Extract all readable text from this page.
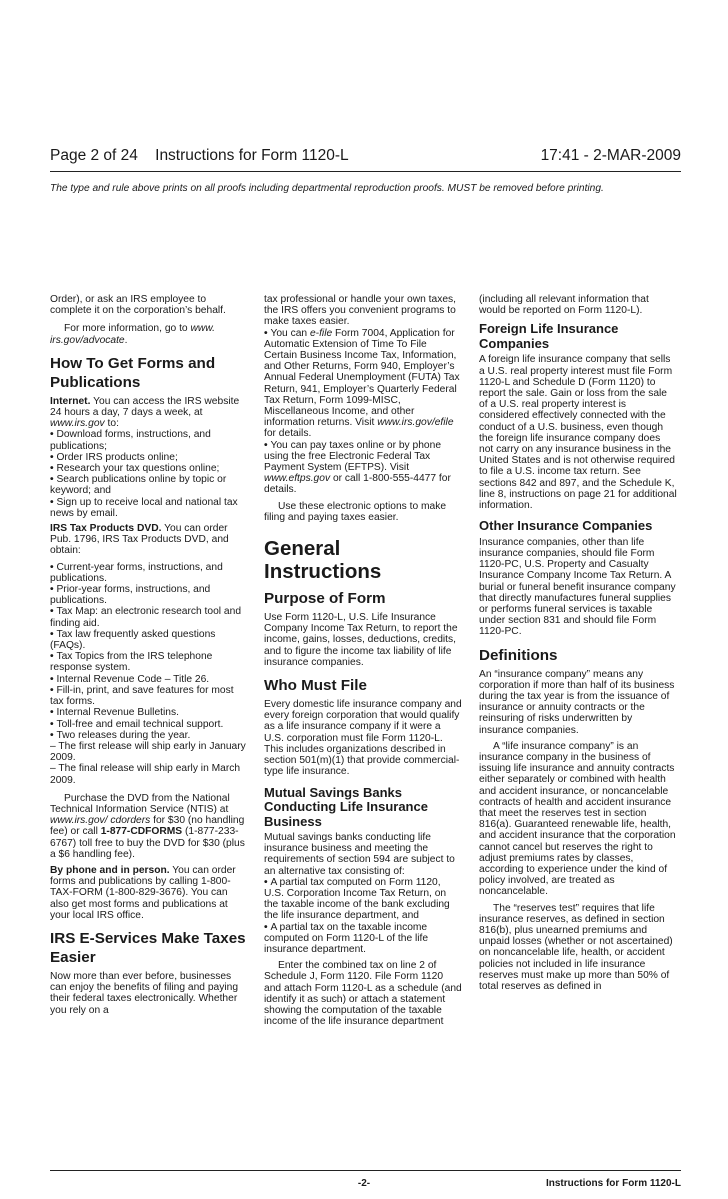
Page 2 of 24    Instructions for Form 1120-L	17:41 - 2-MAR-2009
The type and rule above prints on all proofs including departmental reproduction proofs. MUST be removed before printing.

Order), or ask an IRS employee to complete it on the corporation’s behalf.

For more information, go to www. irs.gov/advocate.

How To Get Forms and Publications

Internet. You can access the IRS website 24 hours a day, 7 days a week, at www.irs.gov to:

• Download forms, instructions, and publications;

• Order IRS products online;

• Research your tax questions online;

• Search publications online by topic or keyword; and

• Sign up to receive local and national tax news by email.

IRS Tax Products DVD. You can order Pub. 1796, IRS Tax Products DVD, and obtain:

• Current-year forms, instructions, and publications.

• Prior-year forms, instructions, and publications.

• Tax Map: an electronic research tool and finding aid.

• Tax law frequently asked questions (FAQs).

• Tax Topics from the IRS telephone response system.

• Internal Revenue Code – Title 26.

• Fill-in, print, and save features for most tax forms.

• Internal Revenue Bulletins.

• Toll-free and email technical support.

• Two releases during the year.

– The first release will ship early in January 2009.

– The final release will ship early in March 2009.

Purchase the DVD from the National Technical Information Service (NTIS) at www.irs.gov/ cdorders for $30 (no handling fee) or call 1-877-CDFORMS (1-877-233-6767) toll free to buy the DVD for $30 (plus a $6 handling fee).

By phone and in person. You can order forms and publications by calling 1-800-TAX-FORM (1-800-829-3676). You can also get most forms and publications at your local IRS office.

IRS E-Services Make Taxes Easier

Now more than ever before, businesses can enjoy the benefits of filing and paying their federal taxes electronically. Whether you rely on a

tax professional or handle your own taxes, the IRS offers you convenient programs to make taxes easier.

• You can e-file Form 7004, Application for Automatic Extension of Time To File Certain Business Income Tax, Information, and Other Returns, Form 940, Employer’s Annual Federal Unemployment (FUTA) Tax Return, 941, Employer’s Quarterly Federal Tax Return, Form 1099-MISC, Miscellaneous Income, and other information returns. Visit www.irs.gov/efile for details.

• You can pay taxes online or by phone using the free Electronic Federal Tax Payment System (EFTPS). Visit www.eftps.gov or call 1-800-555-4477 for details.

Use these electronic options to make filing and paying taxes easier.

General Instructions
Purpose of Form

Use Form 1120-L, U.S. Life Insurance Company Income Tax Return, to report the income, gains, losses, deductions, credits, and to figure the income tax liability of life insurance companies.

Who Must File

Every domestic life insurance company and every foreign corporation that would qualify as a life insurance company if it were a U.S. corporation must file Form 1120-L. This includes organizations described in section 501(m)(1) that provide commercial-type life insurance.

Mutual Savings Banks Conducting Life Insurance Business

Mutual savings banks conducting life insurance business and meeting the requirements of section 594 are subject to an alternative tax consisting of:

• A partial tax computed on Form 1120, U.S. Corporation Income Tax Return, on the taxable income of the bank excluding the life insurance department, and

• A partial tax on the taxable income computed on Form 1120-L of the life insurance department.

Enter the combined tax on line 2 of Schedule J, Form 1120. File Form 1120 and attach Form 1120-L as a schedule (and identify it as such) or attach a statement showing the computation of the taxable income of the life insurance department

(including all relevant information that would be reported on Form 1120-L).

Foreign Life Insurance Companies

A foreign life insurance company that sells a U.S. real property interest must file Form 1120-L and Schedule D (Form 1120) to report the sale. Gain or loss from the sale of a U.S. real property interest is considered effectively connected with the conduct of a U.S. business, even though the foreign life insurance company does not carry on any insurance business in the United States and is not otherwise required to file a U.S. income tax return. See sections 842 and 897, and the Schedule K, line 8, instructions on page 21 for additional information.

Other Insurance Companies

Insurance companies, other than life insurance companies, should file Form 1120-PC, U.S. Property and Casualty Insurance Company Income Tax Return. A burial or funeral benefit insurance company that directly manufactures funeral supplies or performs funeral services is taxable under section 831 and should file Form 1120-PC.

Definitions

An “insurance company” means any corporation if more than half of its business during the tax year is from the issuance of insurance or annuity contracts or the reinsuring of risks underwritten by insurance companies.

A “life insurance company” is an insurance company in the business of issuing life insurance and annuity contracts either separately or combined with health and accident insurance, or noncancelable contracts of health and accident insurance that meet the reserves test in section 816(a). Guaranteed renewable life, health, and accident insurance that the corporation cannot cancel but reserves the right to adjust premiums rates by classes, according to experience under the kind of policy involved, are treated as noncancelable.

The “reserves test” requires that life insurance reserves, as defined in section 816(b), plus unearned premiums and unpaid losses (whether or not ascertained) on noncancelable life, health, or accident policies not included in life insurance reserves must make up more than 50% of total reserves as defined in

-2-	Instructions for Form 1120-L
